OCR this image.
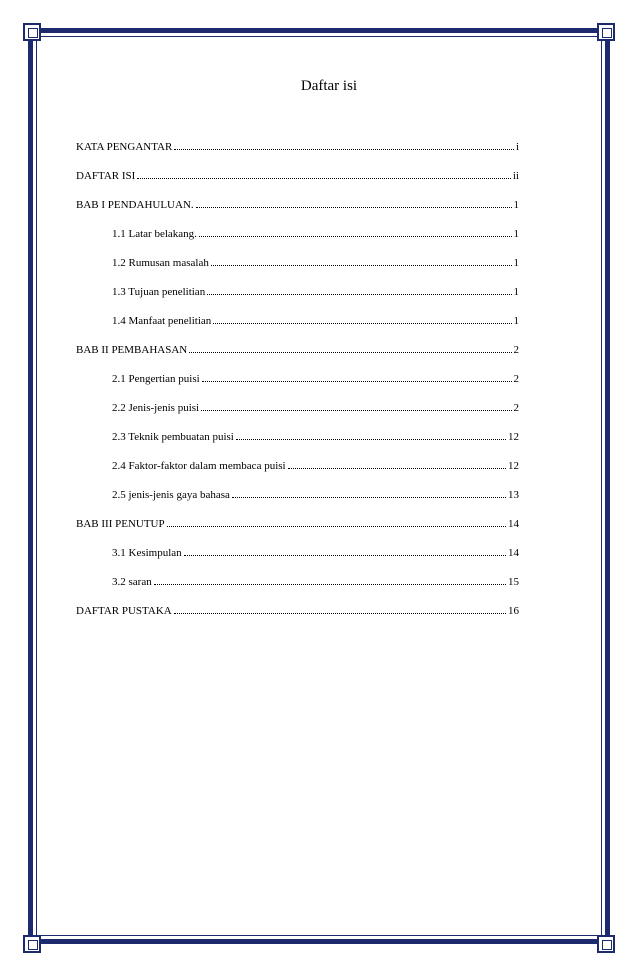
Daftar isi
KATA PENGANTAR	i
DAFTAR ISI	ii
BAB I PENDAHULUAN.	1
1.1 Latar belakang.	1
1.2 Rumusan masalah	1
1.3 Tujuan penelitian	1
1.4 Manfaat penelitian	1
BAB II PEMBAHASAN	2
2.1 Pengertian puisi	2
2.2 Jenis-jenis puisi	2
2.3 Teknik pembuatan puisi	12
2.4 Faktor-faktor dalam membaca puisi	12
2.5 jenis-jenis gaya bahasa	13
BAB III PENUTUP	14
3.1 Kesimpulan	14
3.2 saran	15
DAFTAR PUSTAKA	16
